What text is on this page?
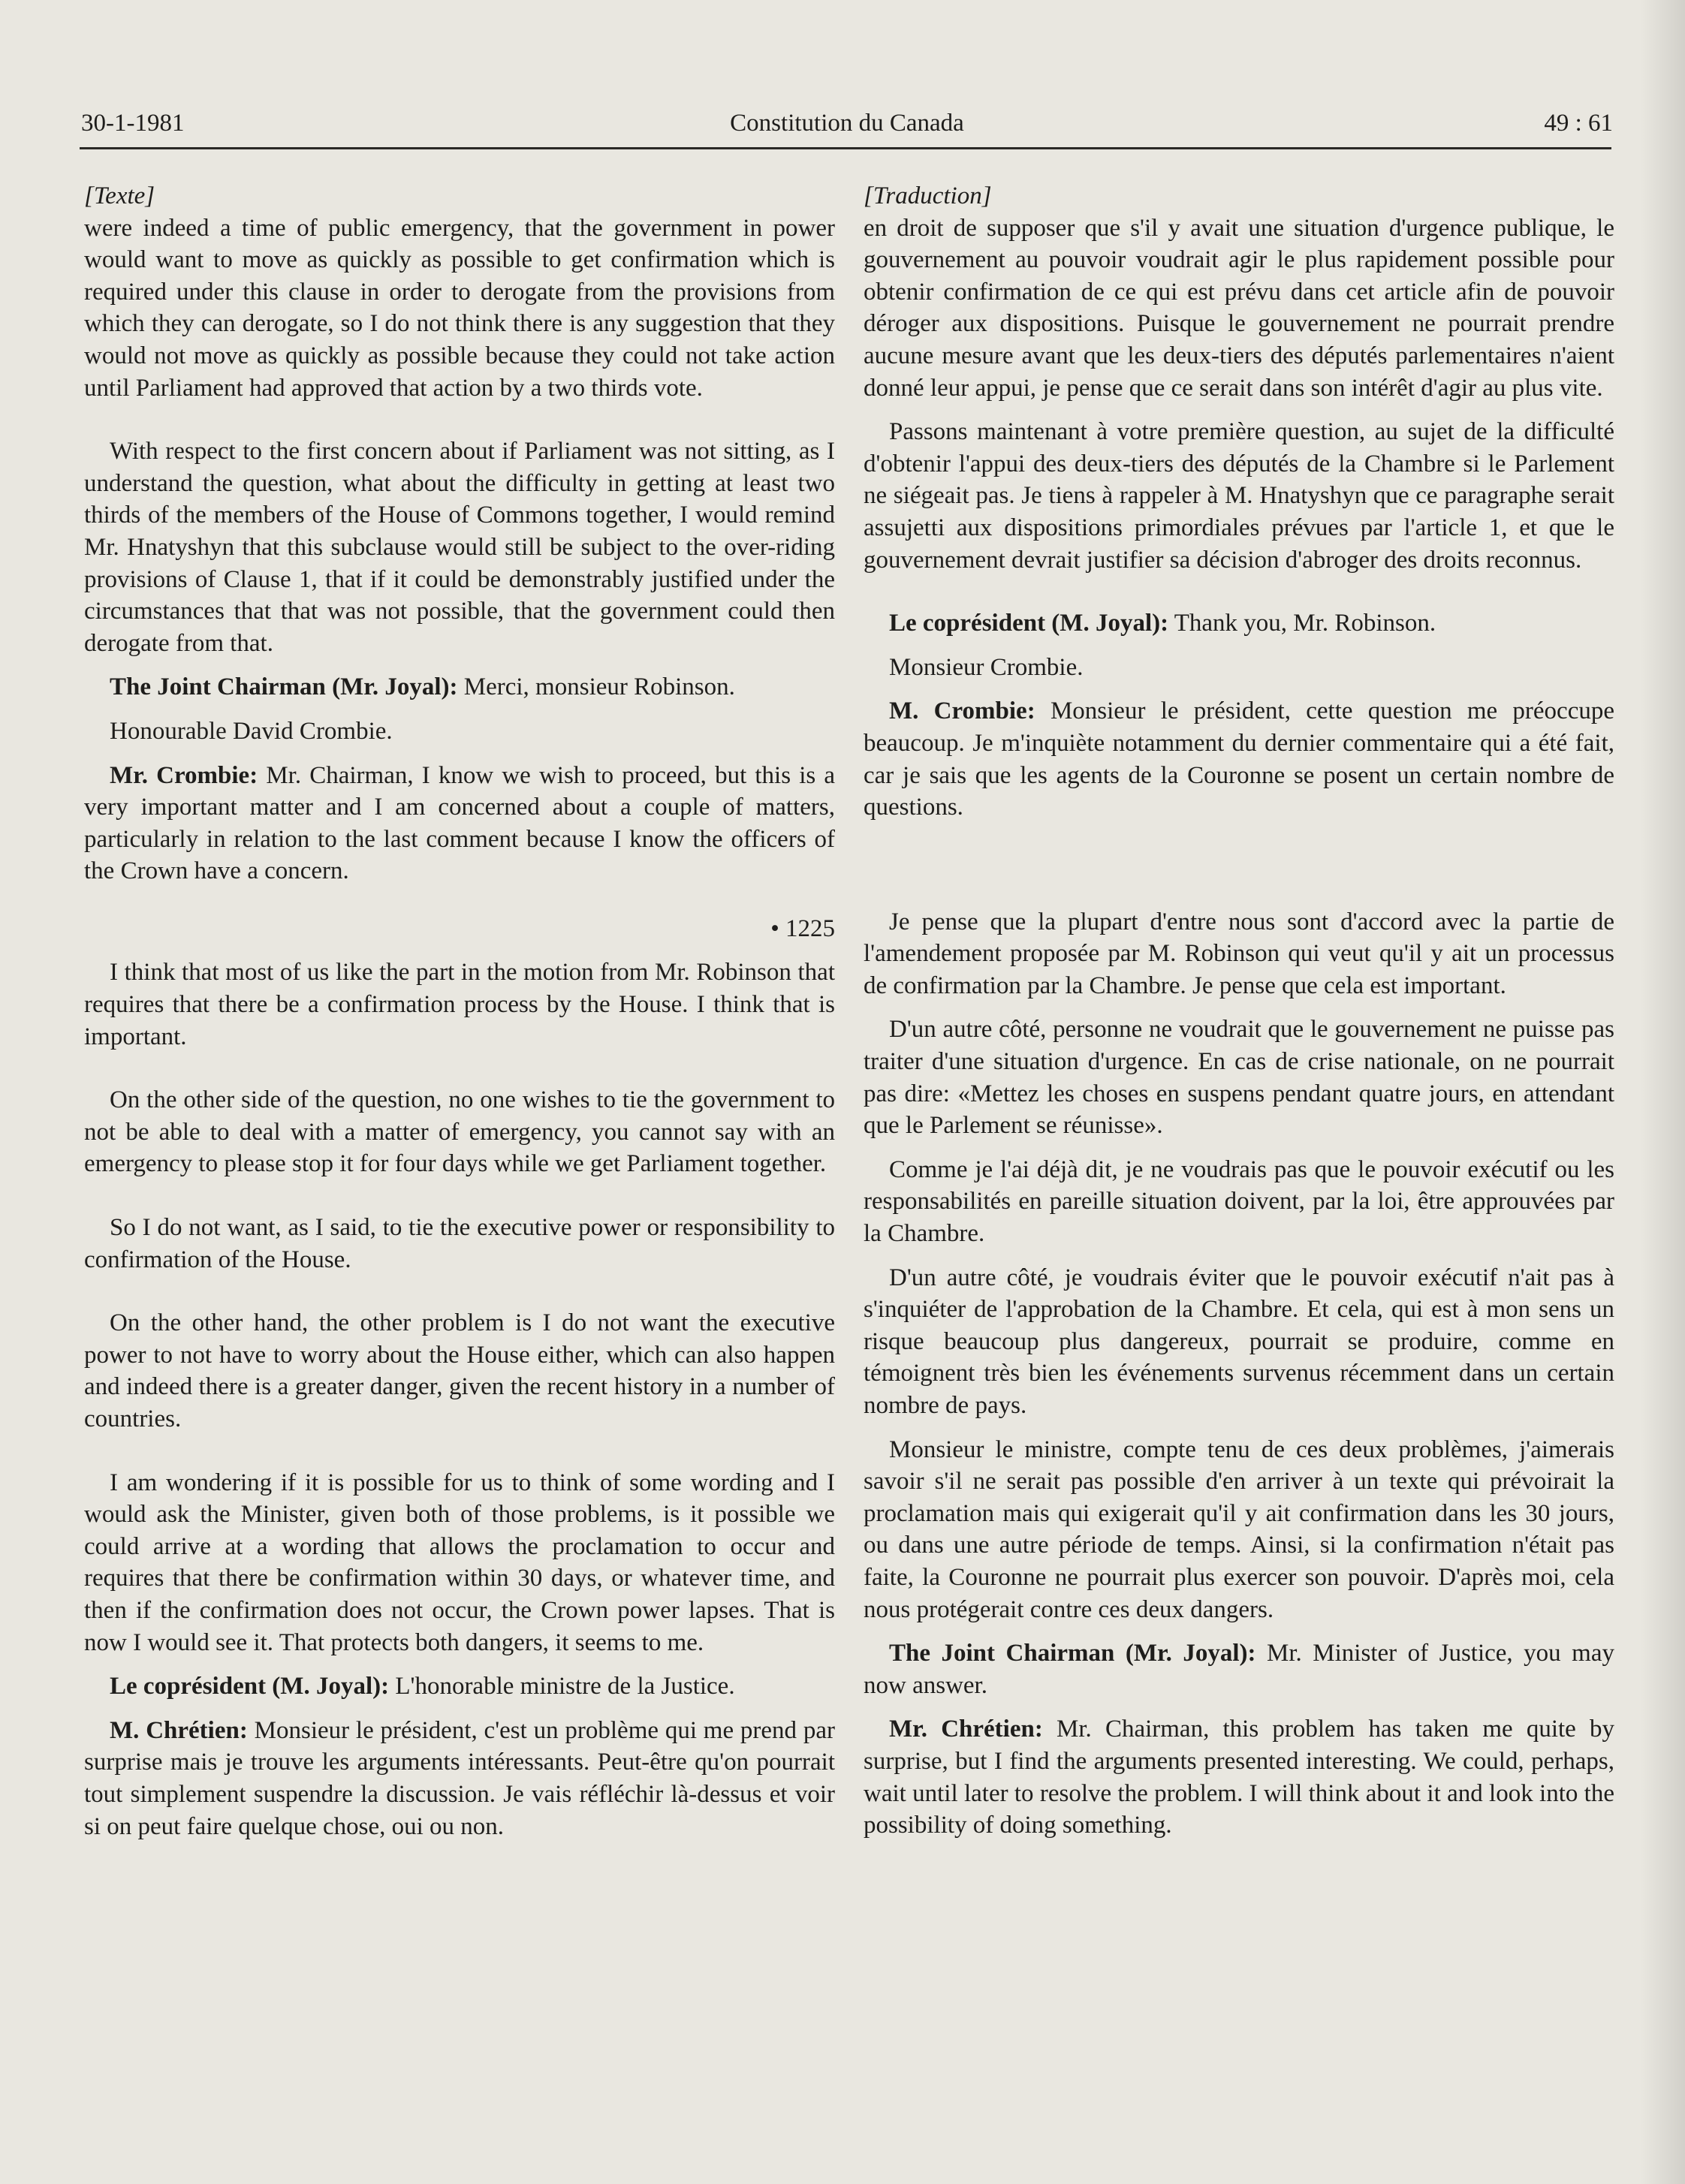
30-1-1981	Constitution du Canada	49 : 61
[Texte]

were indeed a time of public emergency, that the government in power would want to move as quickly as possible to get confirmation which is required under this clause in order to derogate from the provisions from which they can derogate, so I do not think there is any suggestion that they would not move as quickly as possible because they could not take action until Parliament had approved that action by a two thirds vote.

With respect to the first concern about if Parliament was not sitting, as I understand the question, what about the difficulty in getting at least two thirds of the members of the House of Commons together, I would remind Mr. Hnatyshyn that this subclause would still be subject to the over-riding provisions of Clause 1, that if it could be demonstrably justified under the circumstances that that was not possible, that the government could then derogate from that.

The Joint Chairman (Mr. Joyal): Merci, monsieur Robinson.

Honourable David Crombie.

Mr. Crombie: Mr. Chairman, I know we wish to proceed, but this is a very important matter and I am concerned about a couple of matters, particularly in relation to the last comment because I know the officers of the Crown have a concern.

• 1225

I think that most of us like the part in the motion from Mr. Robinson that requires that there be a confirmation process by the House. I think that is important.

On the other side of the question, no one wishes to tie the government to not be able to deal with a matter of emergency, you cannot say with an emergency to please stop it for four days while we get Parliament together.

So I do not want, as I said, to tie the executive power or responsibility to confirmation of the House.

On the other hand, the other problem is I do not want the executive power to not have to worry about the House either, which can also happen and indeed there is a greater danger, given the recent history in a number of countries.

I am wondering if it is possible for us to think of some wording and I would ask the Minister, given both of those problems, is it possible we could arrive at a wording that allows the proclamation to occur and requires that there be confirmation within 30 days, or whatever time, and then if the confirmation does not occur, the Crown power lapses. That is now I would see it. That protects both dangers, it seems to me.

Le coprésident (M. Joyal): L'honorable ministre de la Justice.

M. Chrétien: Monsieur le président, c'est un problème qui me prend par surprise mais je trouve les arguments intéressants. Peut-être qu'on pourrait tout simplement suspendre la discussion. Je vais réfléchir là-dessus et voir si on peut faire quelque chose, oui ou non.

[Traduction]

en droit de supposer que s'il y avait une situation d'urgence publique, le gouvernement au pouvoir voudrait agir le plus rapidement possible pour obtenir confirmation de ce qui est prévu dans cet article afin de pouvoir déroger aux dispositions. Puisque le gouvernement ne pourrait prendre aucune mesure avant que les deux-tiers des députés parlementaires n'aient donné leur appui, je pense que ce serait dans son intérêt d'agir au plus vite.

Passons maintenant à votre première question, au sujet de la difficulté d'obtenir l'appui des deux-tiers des députés de la Chambre si le Parlement ne siégeait pas. Je tiens à rappeler à M. Hnatyshyn que ce paragraphe serait assujetti aux dispositions primordiales prévues par l'article 1, et que le gouvernement devrait justifier sa décision d'abroger des droits reconnus.

Le coprésident (M. Joyal): Thank you, Mr. Robinson.

Monsieur Crombie.

M. Crombie: Monsieur le président, cette question me préoccupe beaucoup. Je m'inquiète notamment du dernier commentaire qui a été fait, car je sais que les agents de la Couronne se posent un certain nombre de questions.

Je pense que la plupart d'entre nous sont d'accord avec la partie de l'amendement proposée par M. Robinson qui veut qu'il y ait un processus de confirmation par la Chambre. Je pense que cela est important.

D'un autre côté, personne ne voudrait que le gouvernement ne puisse pas traiter d'une situation d'urgence. En cas de crise nationale, on ne pourrait pas dire: «Mettez les choses en suspens pendant quatre jours, en attendant que le Parlement se réunisse».

Comme je l'ai déjà dit, je ne voudrais pas que le pouvoir exécutif ou les responsabilités en pareille situation doivent, par la loi, être approuvées par la Chambre.

D'un autre côté, je voudrais éviter que le pouvoir exécutif n'ait pas à s'inquiéter de l'approbation de la Chambre. Et cela, qui est à mon sens un risque beaucoup plus dangereux, pourrait se produire, comme en témoignent très bien les événements survenus récemment dans un certain nombre de pays.

Monsieur le ministre, compte tenu de ces deux problèmes, j'aimerais savoir s'il ne serait pas possible d'en arriver à un texte qui prévoirait la proclamation mais qui exigerait qu'il y ait confirmation dans les 30 jours, ou dans une autre période de temps. Ainsi, si la confirmation n'était pas faite, la Couronne ne pourrait plus exercer son pouvoir. D'après moi, cela nous protégerait contre ces deux dangers.

The Joint Chairman (Mr. Joyal): Mr. Minister of Justice, you may now answer.

Mr. Chrétien: Mr. Chairman, this problem has taken me quite by surprise, but I find the arguments presented interesting. We could, perhaps, wait until later to resolve the problem. I will think about it and look into the possibility of doing something.
